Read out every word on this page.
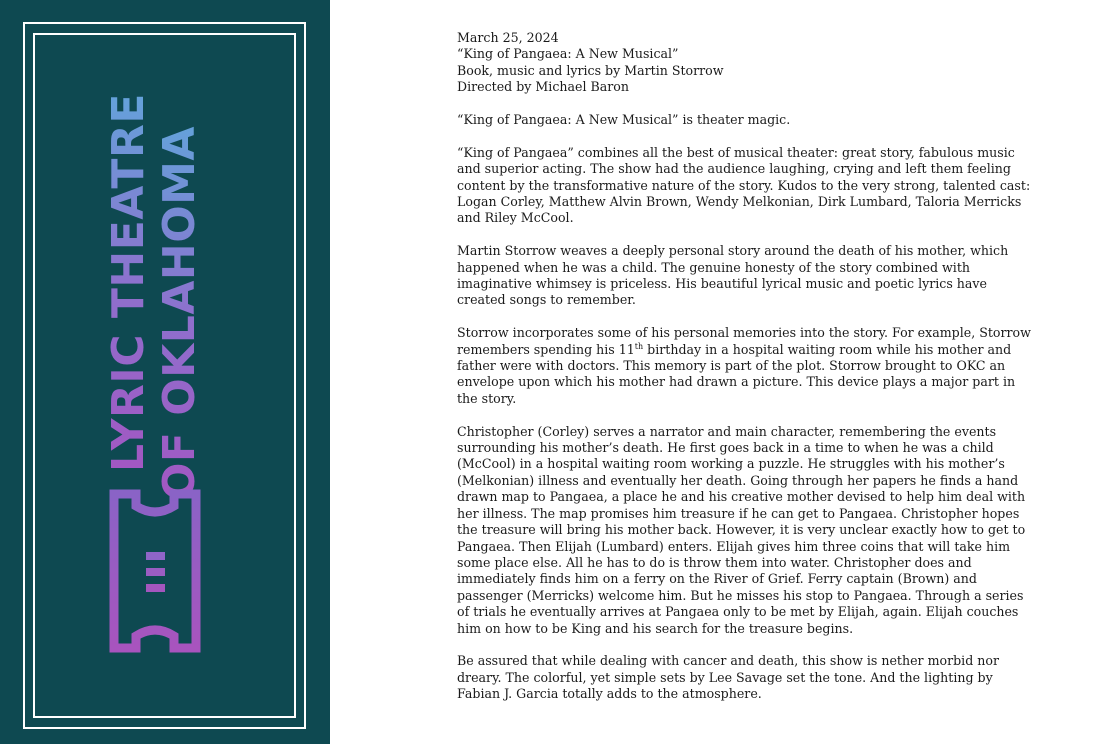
LYRIC THEATRE OF OKLAHOMA

March 25, 2024

“King of Pangaea: A New Musical”

Book, music and lyrics by Martin Storrow

Directed by Michael Baron

“King of Pangaea: A New Musical” is theater magic.

“King of Pangaea” combines all the best of musical theater: great story, fabulous music and superior acting. The show had the audience laughing, crying and left them feeling content by the transformative nature of the story. Kudos to the very strong, talented cast: Logan Corley, Matthew Alvin Brown, Wendy Melkonian, Dirk Lumbard, Taloria Merricks and Riley McCool.

Martin Storrow weaves a deeply personal story around the death of his mother, which happened when he was a child. The genuine honesty of the story combined with imaginative whimsey is priceless. His beautiful lyrical music and poetic lyrics have created songs to remember.

Storrow incorporates some of his personal memories into the story. For example, Storrow remembers spending his 11th birthday in a hospital waiting room while his mother and father were with doctors. This memory is part of the plot. Storrow brought to OKC an envelope upon which his mother had drawn a picture. This device plays a major part in the story.

Christopher (Corley) serves a narrator and main character, remembering the events surrounding his mother’s death. He first goes back in a time to when he was a child (McCool) in a hospital waiting room working a puzzle. He struggles with his mother’s (Melkonian) illness and eventually her death. Going through her papers he finds a hand drawn map to Pangaea, a place he and his creative mother devised to help him deal with her illness. The map promises him treasure if he can get to Pangaea. Christopher hopes the treasure will bring his mother back. However, it is very unclear exactly how to get to Pangaea. Then Elijah (Lumbard) enters. Elijah gives him three coins that will take him some place else. All he has to do is throw them into water. Christopher does and immediately finds him on a ferry on the River of Grief. Ferry captain (Brown) and passenger (Merricks) welcome him. But he misses his stop to Pangaea. Through a series of trials he eventually arrives at Pangaea only to be met by Elijah, again. Elijah couches him on how to be King and his search for the treasure begins.

Be assured that while dealing with cancer and death, this show is nether morbid nor dreary. The colorful, yet simple sets by Lee Savage set the tone. And the lighting by Fabian J. Garcia totally adds to the atmosphere.
